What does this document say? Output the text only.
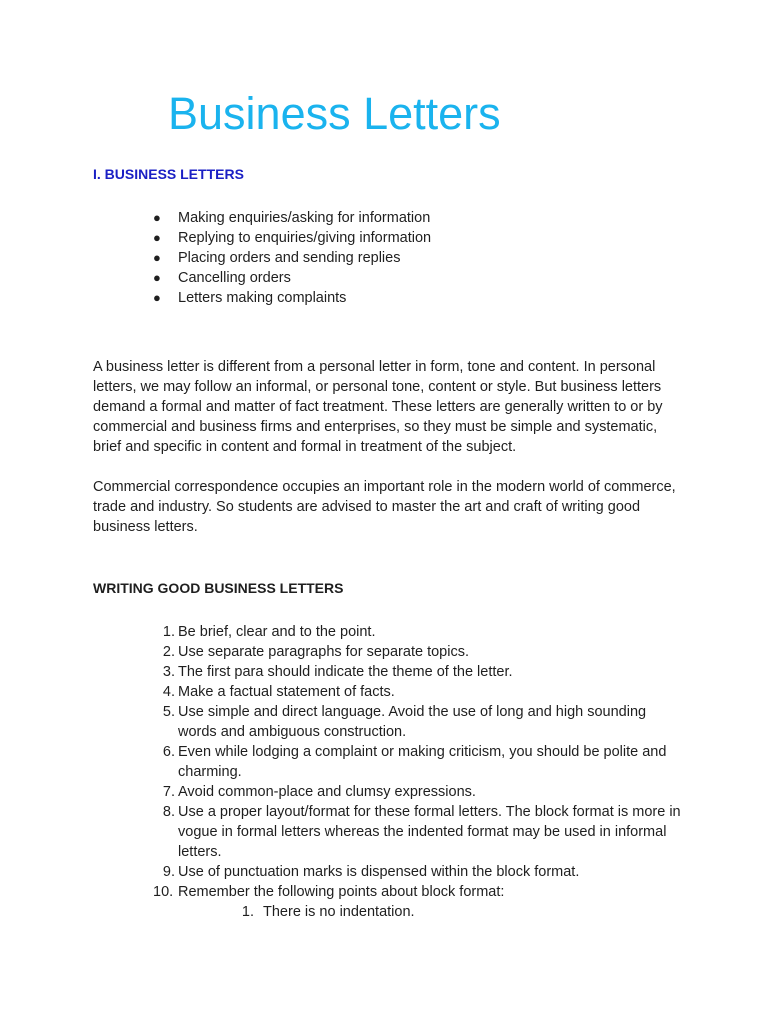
Business Letters
I. BUSINESS LETTERS
● Making enquiries/asking for information
● Replying to enquiries/giving information
● Placing orders and sending replies
● Cancelling orders
● Letters making complaints

A business letter is different from a personal letter in form, tone and content. In personal letters, we may follow an informal, or personal tone, content or style. But business letters demand a formal and matter of fact treatment. These letters are generally written to or by commercial and business firms and enterprises, so they must be simple and systematic, brief and specific in content and formal in treatment of the subject.

Commercial correspondence occupies an important role in the modern world of commerce, trade and industry. So students are advised to master the art and craft of writing good business letters.

WRITING GOOD BUSINESS LETTERS
1. Be brief, clear and to the point.
2. Use separate paragraphs for separate topics.
3. The first para should indicate the theme of the letter.
4. Make a factual statement of facts.
5. Use simple and direct language. Avoid the use of long and high sounding words and ambiguous construction.
6. Even while lodging a complaint or making criticism, you should be polite and charming.
7. Avoid common-place and clumsy expressions.
8. Use a proper layout/format for these formal letters. The block format is more in vogue in formal letters whereas the indented format may be used in informal letters.
9. Use of punctuation marks is dispensed within the block format.
10. Remember the following points about block format:
1. There is no indentation.
